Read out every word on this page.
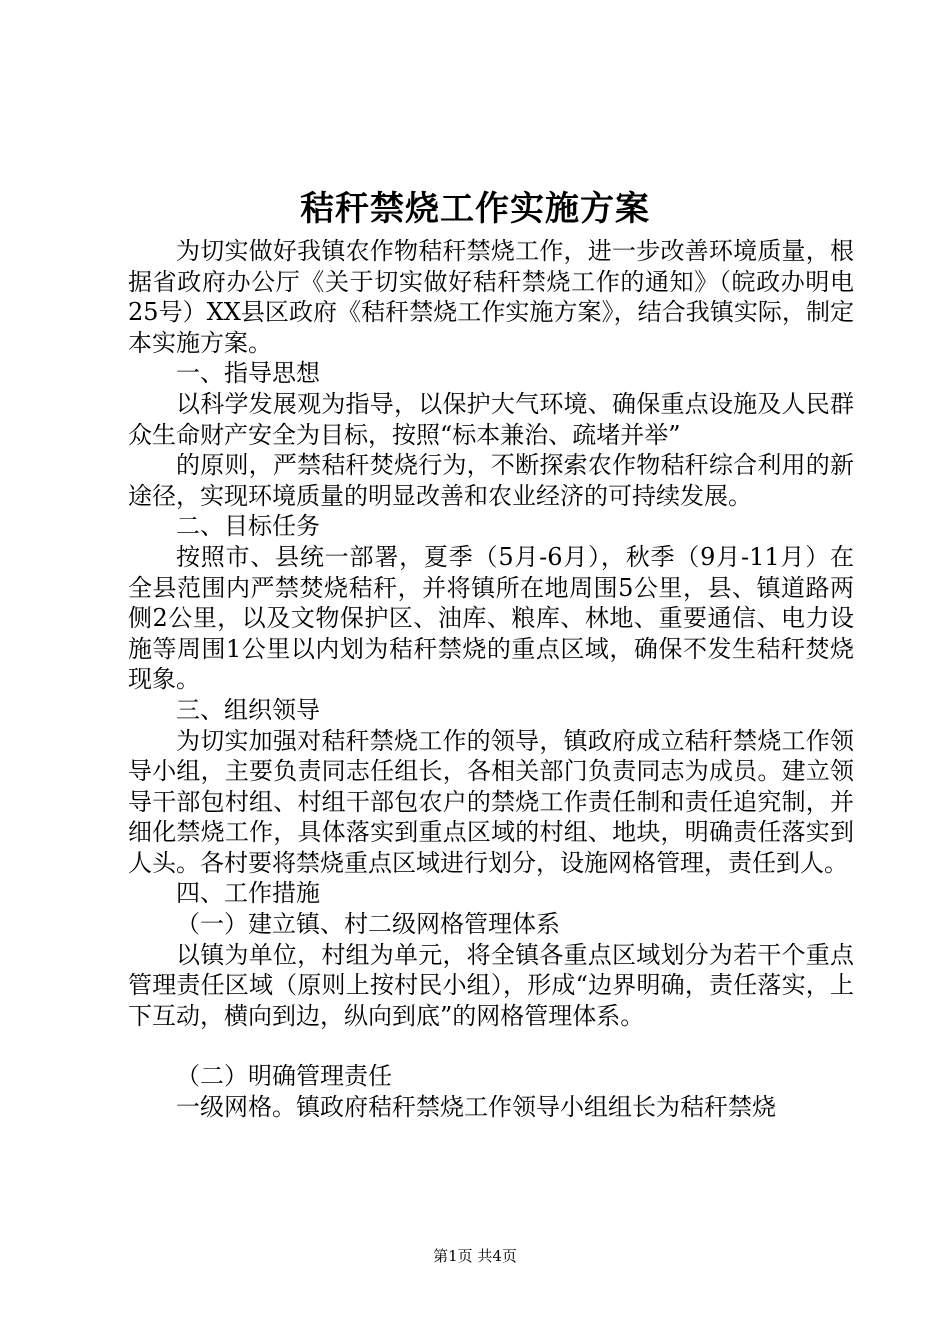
秸秆禁烧工作实施方案

为切实做好我镇农作物秸秆禁烧工作，进一步改善环境质量，根据省政府办公厅《关于切实做好秸秆禁烧工作的通知》（皖政办明电25号）XX县区政府《秸秆禁烧工作实施方案》，结合我镇实际，制定本实施方案。

一、指导思想

以科学发展观为指导，以保护大气环境、确保重点设施及人民群众生命财产安全为目标，按照“标本兼治、疏堵并举”

的原则，严禁秸秆焚烧行为，不断探索农作物秸秆综合利用的新途径，实现环境质量的明显改善和农业经济的可持续发展。

二、目标任务

按照市、县统一部署，夏季（5月-6月），秋季（9月-11月）在全县范围内严禁焚烧秸秆，并将镇所在地周围5公里，县、镇道路两侧2公里，以及文物保护区、油库、粮库、林地、重要通信、电力设施等周围1公里以内划为秸秆禁烧的重点区域，确保不发生秸秆焚烧现象。

三、组织领导

为切实加强对秸秆禁烧工作的领导，镇政府成立秸秆禁烧工作领导小组，主要负责同志任组长，各相关部门负责同志为成员。建立领导干部包村组、村组干部包农户的禁烧工作责任制和责任追究制，并细化禁烧工作，具体落实到重点区域的村组、地块，明确责任落实到人头。各村要将禁烧重点区域进行划分，设施网格管理，责任到人。

四、工作措施

（一）建立镇、村二级网格管理体系

以镇为单位，村组为单元，将全镇各重点区域划分为若干个重点管理责任区域（原则上按村民小组），形成“边界明确，责任落实，上下互动，横向到边，纵向到底”的网格管理体系。

（二）明确管理责任

一级网格。镇政府秸秆禁烧工作领导小组组长为秸秆禁烧

第1页 共4页
